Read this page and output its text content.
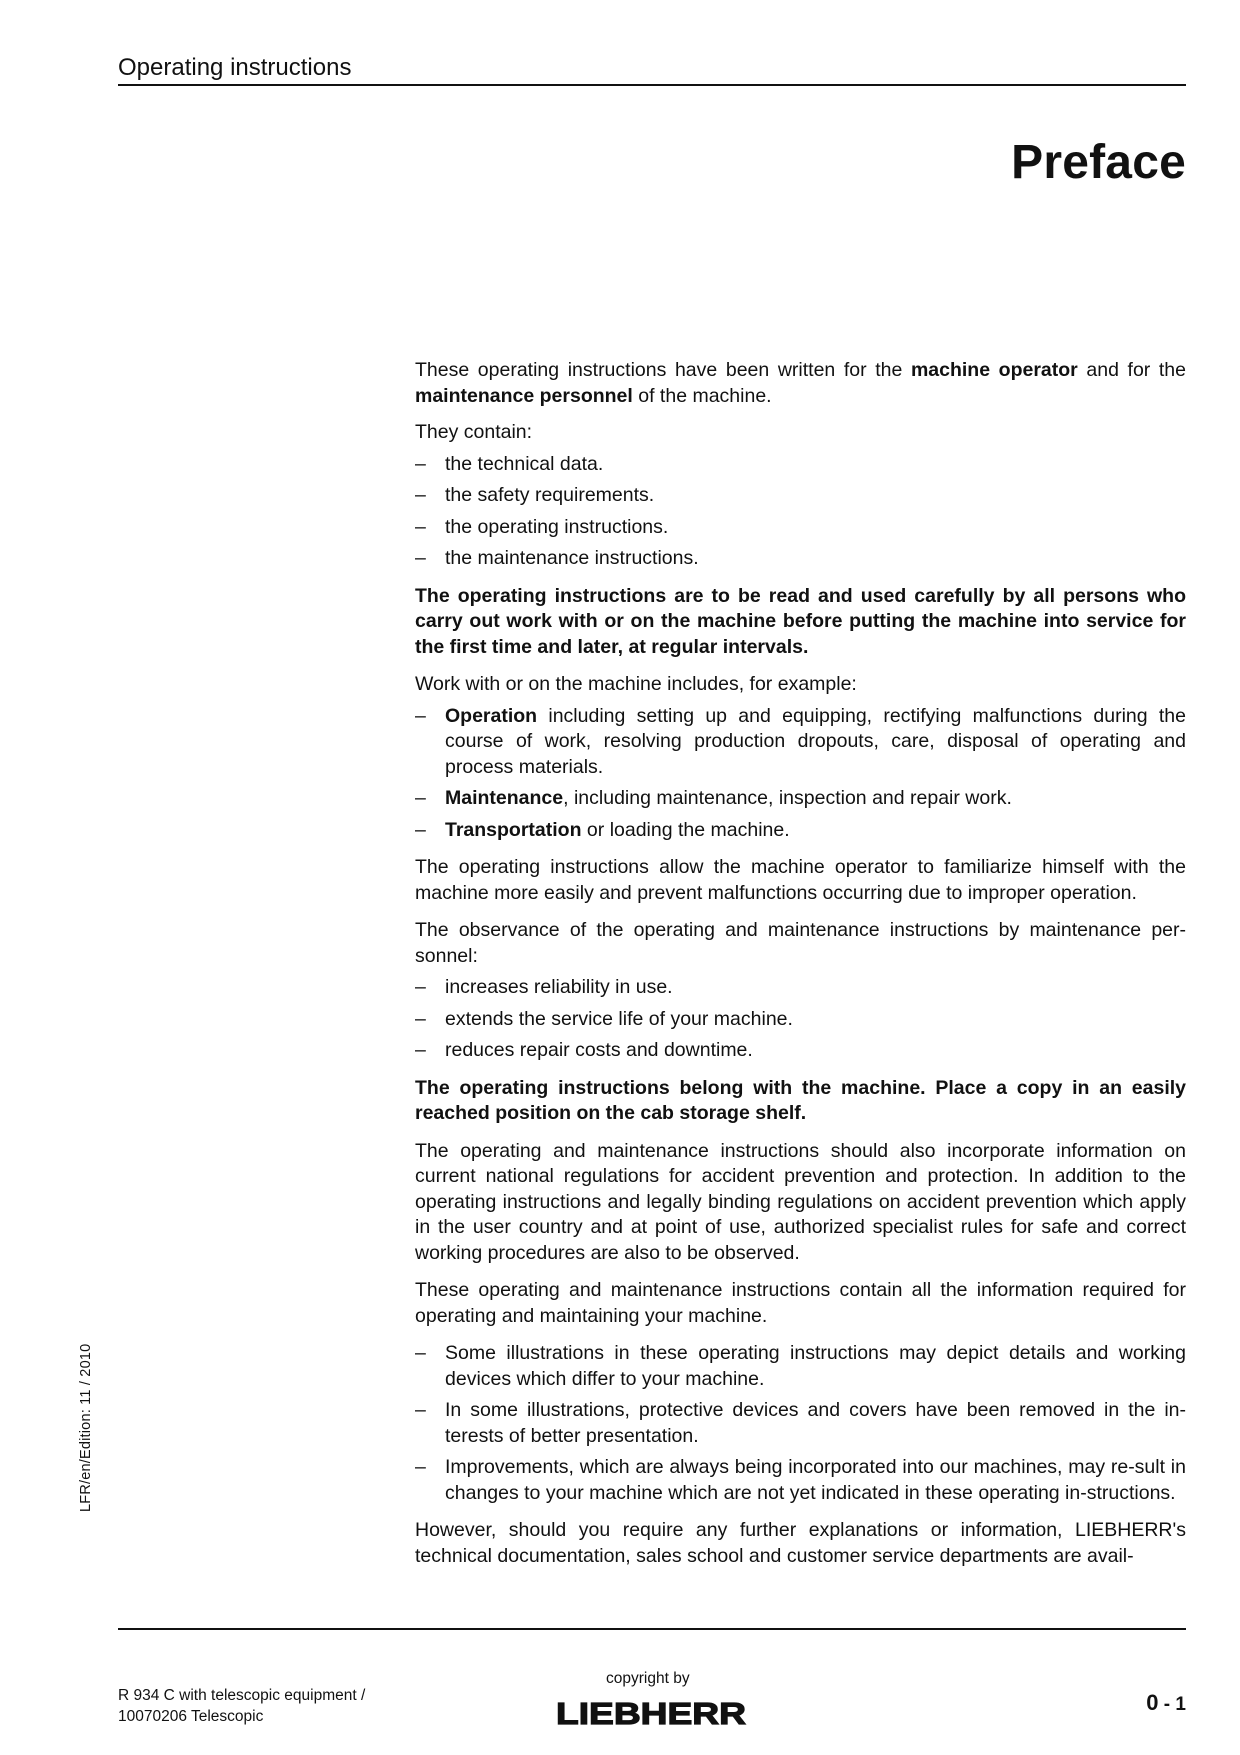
Operating instructions
Preface

These operating instructions have been written for the machine operator and for the maintenance personnel of the machine.

They contain:

– the technical data.
– the safety requirements.
– the operating instructions.
– the maintenance instructions.

The operating instructions are to be read and used carefully by all persons who carry out work with or on the machine before putting the machine into service for the first time and later, at regular intervals.

Work with or on the machine includes, for example:

– Operation including setting up and equipping, rectifying malfunctions during the course of work, resolving production dropouts, care, disposal of operating and process materials.
– Maintenance, including maintenance, inspection and repair work.
– Transportation or loading the machine.

The operating instructions allow the machine operator to familiarize himself with the machine more easily and prevent malfunctions occurring due to improper operation.

The observance of the operating and maintenance instructions by maintenance per-sonnel:

– increases reliability in use.
– extends the service life of your machine.
– reduces repair costs and downtime.

The operating instructions belong with the machine. Place a copy in an easily reached position on the cab storage shelf.

The operating and maintenance instructions should also incorporate information on current national regulations for accident prevention and protection. In addition to the operating instructions and legally binding regulations on accident prevention which apply in the user country and at point of use, authorized specialist rules for safe and correct working procedures are also to be observed.

These operating and maintenance instructions contain all the information required for operating and maintaining your machine.

– Some illustrations in these operating instructions may depict details and working devices which differ to your machine.
– In some illustrations, protective devices and covers have been removed in the in-terests of better presentation.
– Improvements, which are always being incorporated into our machines, may re-sult in changes to your machine which are not yet indicated in these operating in-structions.

However, should you require any further explanations or information, LIEBHERR's technical documentation, sales school and customer service departments are avail-

LFR/en/Edition: 11 / 2010
R 934 C with telescopic equipment /
10070206 Telescopic
copyright by
LIEBHERR	0 - 1
